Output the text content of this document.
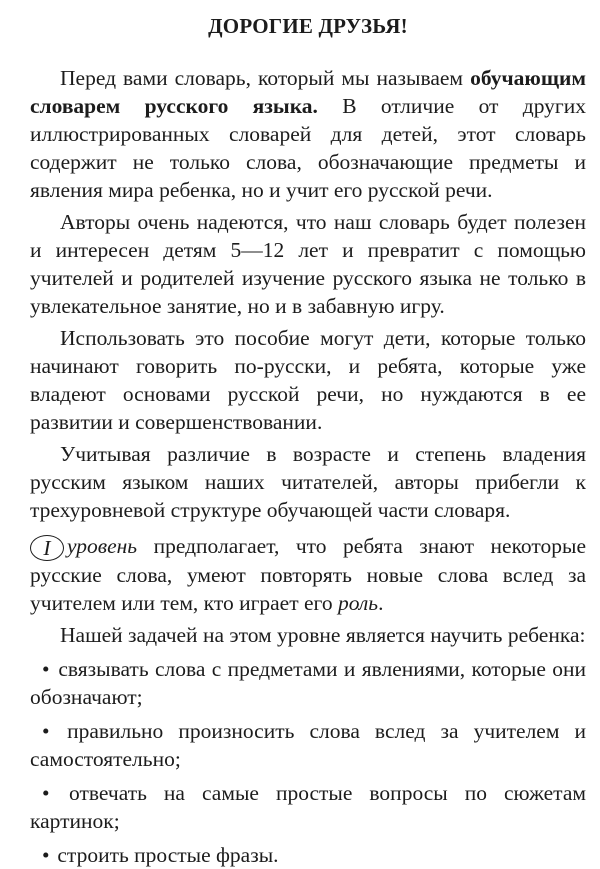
ДОРОГИЕ ДРУЗЬЯ!

Перед вами словарь, который мы называем обучающим словарем русского языка. В отличие от других иллюстрированных словарей для детей, этот словарь содержит не только слова, обозначающие предметы и явления мира ребенка, но и учит его русской речи.

Авторы очень надеются, что наш словарь будет полезен и интересен детям 5—12 лет и превратит с помощью учителей и родителей изучение русского языка не только в увлекательное занятие, но и в забавную игру.

Использовать это пособие могут дети, которые только начинают говорить по-русски, и ребята, которые уже владеют основами русской речи, но нуждаются в ее развитии и совершенствовании.

Учитывая различие в возрасте и степень владения русским языком наших читателей, авторы прибегли к трехуровневой структуре обучающей части словаря.

I уровень предполагает, что ребята знают некоторые русские слова, умеют повторять новые слова вслед за учителем или тем, кто играет его роль.

Нашей задачей на этом уровне является научить ребенка:

• связывать слова с предметами и явлениями, которые они обозначают;

• правильно произносить слова вслед за учителем и самостоятельно;

• отвечать на самые простые вопросы по сюжетам картинок;

• строить простые фразы.
